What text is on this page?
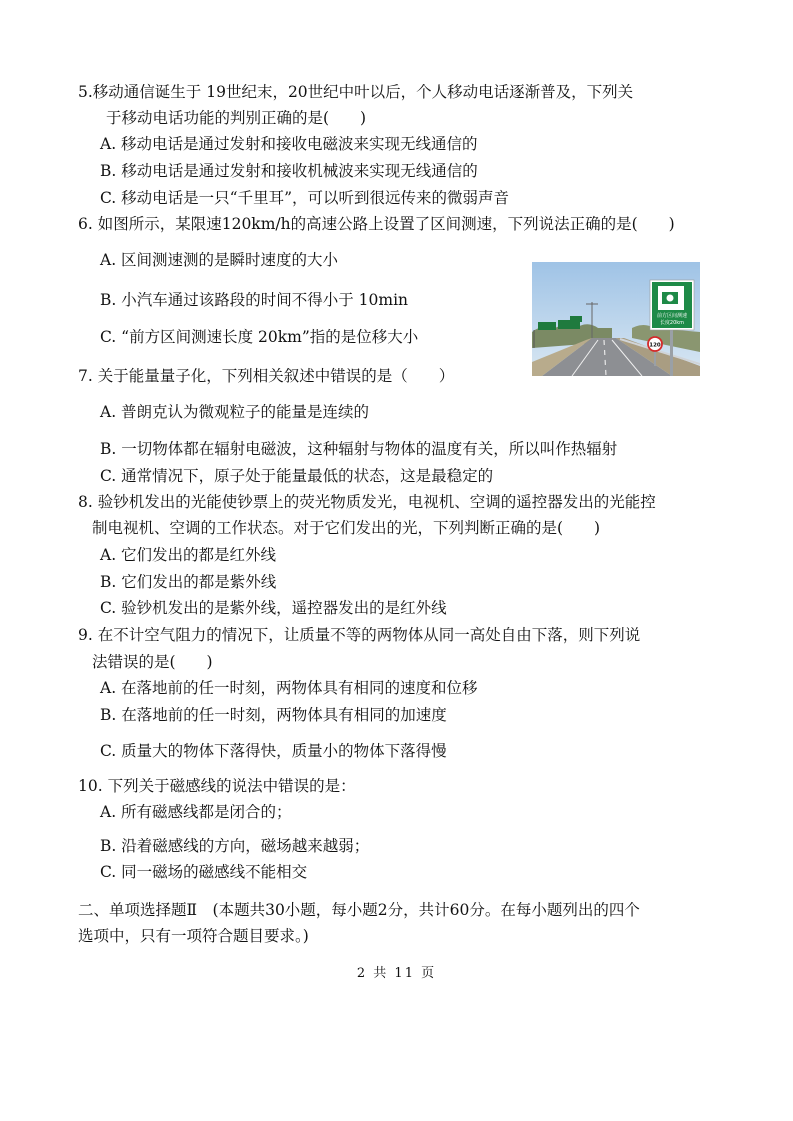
5.移动通信诞生于 19世纪末，20世纪中叶以后，个人移动电话逐渐普及，下列关
于移动电话功能的判别正确的是(　　)
A. 移动电话是通过发射和接收电磁波来实现无线通信的
B. 移动电话是通过发射和接收机械波来实现无线通信的
C. 移动电话是一只“千里耳”，可以听到很远传来的微弱声音
6. 如图所示，某限速120km/h的高速公路上设置了区间测速，下列说法正确的是(　　)
A. 区间测速测的是瞬时速度的大小
B. 小汽车通过该路段的时间不得小于 10min
C. “前方区间测速长度 20km”指的是位移大小
前方区间测速
长度20km
120
7. 关于能量量子化，下列相关叙述中错误的是（　　）
A. 普朗克认为微观粒子的能量是连续的
B. 一切物体都在辐射电磁波，这种辐射与物体的温度有关，所以叫作热辐射
C. 通常情况下，原子处于能量最低的状态，这是最稳定的
8. 验钞机发出的光能使钞票上的荧光物质发光，电视机、空调的遥控器发出的光能控
制电视机、空调的工作状态。对于它们发出的光，下列判断正确的是(　　)
A. 它们发出的都是红外线
B. 它们发出的都是紫外线
C. 验钞机发出的是紫外线，遥控器发出的是红外线
9. 在不计空气阻力的情况下，让质量不等的两物体从同一高处自由下落，则下列说
法错误的是(　　)
A. 在落地前的任一时刻，两物体具有相同的速度和位移
B. 在落地前的任一时刻，两物体具有相同的加速度
C. 质量大的物体下落得快，质量小的物体下落得慢
10. 下列关于磁感线的说法中错误的是：
A. 所有磁感线都是闭合的；
B. 沿着磁感线的方向，磁场越来越弱；
C. 同一磁场的磁感线不能相交
二、单项选择题Ⅱ　(本题共30小题，每小题2分，共计60分。在每小题列出的四个
选项中，只有一项符合题目要求。)
2 共 11 页
